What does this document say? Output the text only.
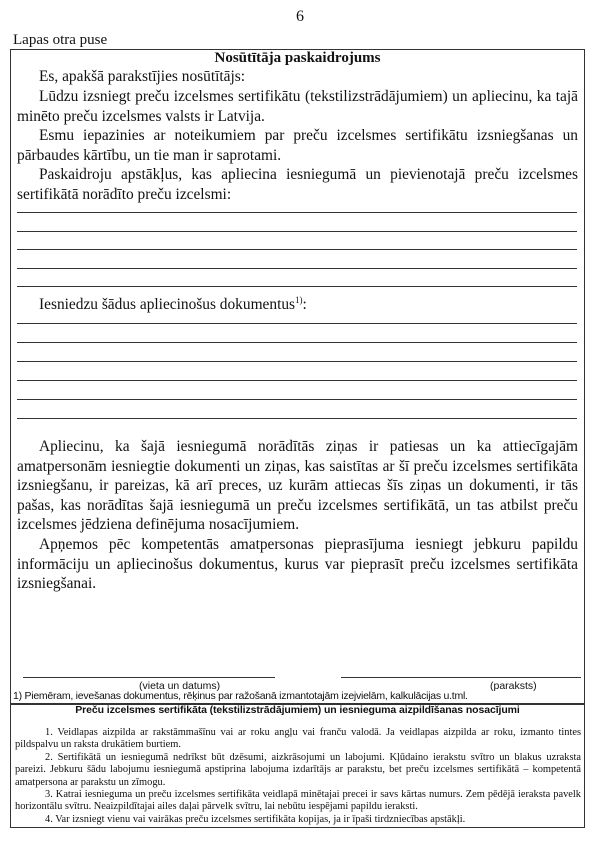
6
Lapas otra puse
Nosūtītāja paskaidrojums

Es, apakšā parakstījies nosūtītājs:

Lūdzu izsniegt preču izcelsmes sertifikātu (tekstilizstrādājumiem) un apliecinu, ka tajā minēto preču izcelsmes valsts ir Latvija.

Esmu iepazinies ar noteikumiem par preču izcelsmes sertifikātu izsniegšanas un pārbaudes kārtību, un tie man ir saprotami.

Paskaidroju apstākļus, kas apliecina iesniegumā un pievienotajā preču izcelsmes sertifikātā norādīto preču izcelsmi:

Iesniedzu šādus apliecinošus dokumentus$^{1)}$:

Apliecinu, ka šajā iesniegumā norādītās ziņas ir patiesas un ka attiecīgajām amatpersonām iesniegtie dokumenti un ziņas, kas saistītas ar šī preču izcelsmes sertifikāta izsniegšanu, ir pareizas, kā arī preces, uz kurām attiecas šīs ziņas un dokumenti, ir tās pašas, kas norādītas šajā iesniegumā un preču izcelsmes sertifikātā, un tas atbilst preču izcelsmes jēdziena definējuma nosacījumiem.

Apņemos pēc kompetentās amatpersonas pieprasījuma iesniegt jebkuru papildu informāciju un apliecinošus dokumentus, kurus var pieprasīt preču izcelsmes sertifikāta izsniegšanai.

(vieta un datums)	(paraksts)
1) Piemēram, ievešanas dokumentus, rēķinus par ražošanā izmantotajām izejvielām, kalkulācijas u.tml.
Preču izcelsmes sertifikāta (tekstilizstrādājumiem) un iesnieguma aizpildīšanas nosacījumi

1. Veidlapas aizpilda ar rakstāmmašīnu vai ar roku angļu vai franču valodā. Ja veidlapas aizpilda ar roku, izmanto tintes pildspalvu un raksta drukātiem burtiem.

2. Sertifikātā un iesniegumā nedrīkst būt dzēsumi, aizkrāsojumi un labojumi. Kļūdaino ierakstu svītro un blakus uzraksta pareizi. Jebkuru šādu labojumu iesniegumā apstiprina labojuma izdarītājs ar parakstu, bet preču izcelsmes sertifikātā – kompetentā amatpersona ar parakstu un zīmogu.

3. Katrai iesnieguma un preču izcelsmes sertifikāta veidlapā minētajai precei ir savs kārtas numurs. Zem pēdējā ieraksta pavelk horizontālu svītru. Neaizpildītajai ailes daļai pārvelk svītru, lai nebūtu iespējami papildu ieraksti.

4. Var izsniegt vienu vai vairākas preču izcelsmes sertifikāta kopijas, ja ir īpaši tirdzniecības apstākļi.
